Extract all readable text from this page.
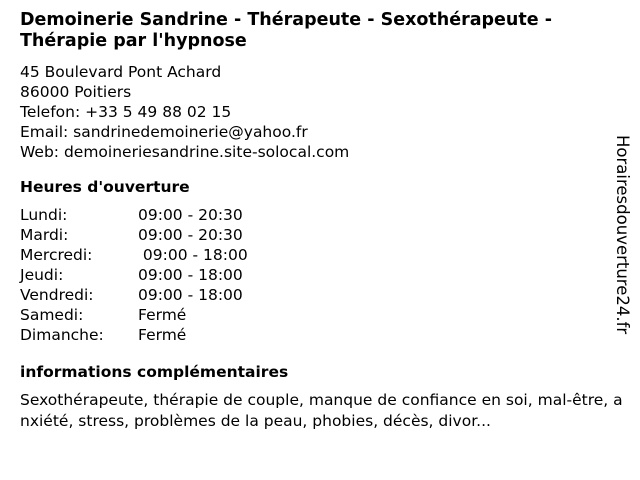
Demoinerie Sandrine - Thérapeute - Sexothérapeute - Thérapie par l'hypnose
45 Boulevard Pont Achard
86000 Poitiers
Telefon: +33 5 49 88 02 15
Email: sandrinedemoinerie@yahoo.fr
Web: demoineriesandrine.site-solocal.com
Heures d'ouverture
Lundi:	09:00 - 20:30
Mardi:	09:00 - 20:30
Mercredi:	09:00 - 18:00
Jeudi:	09:00 - 18:00
Vendredi:	09:00 - 18:00
Samedi:	Fermé
Dimanche:	Fermé
informations complémentaires
Sexothérapeute, thérapie de couple, manque de confiance en soi, mal-être, anxiété, stress, problèmes de la peau, phobies, décès, divor...
Horairesdouverture24.fr
